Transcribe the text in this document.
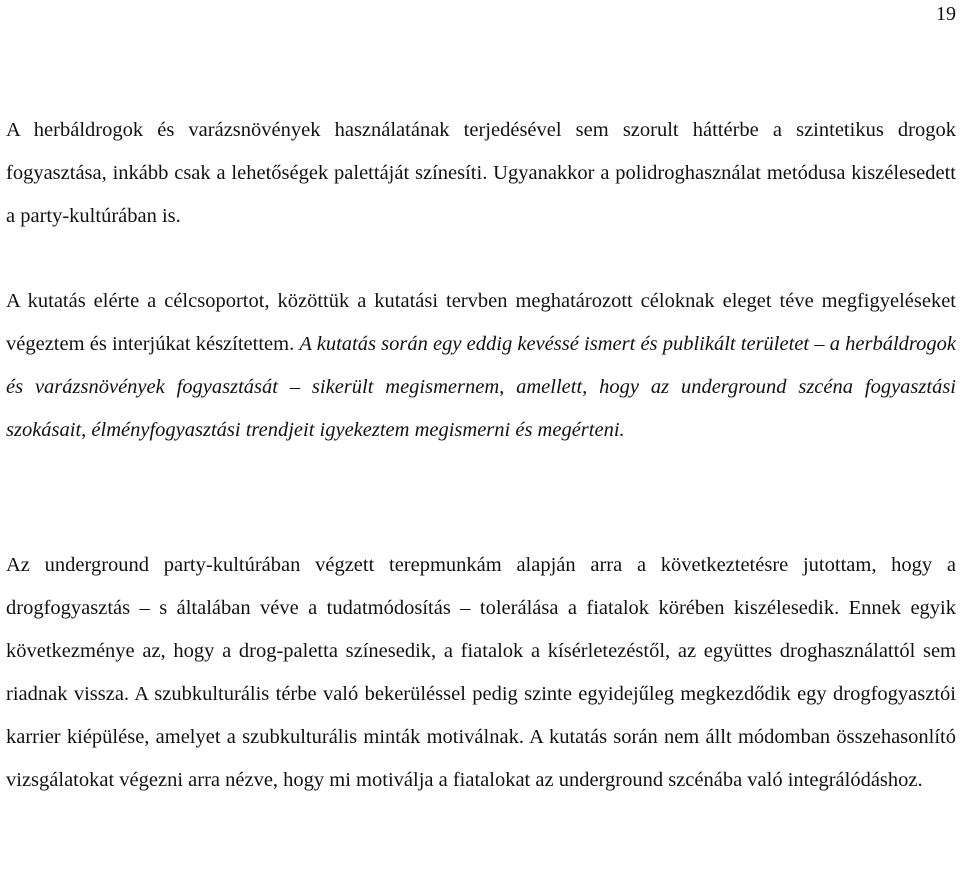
19

A herbáldrogok és varázsnövények használatának terjedésével sem szorult háttérbe a szintetikus drogok fogyasztása, inkább csak a lehetőségek palettáját színesíti. Ugyanakkor a polidroghasználat metódusa kiszélesedett a party-kultúrában is.

A kutatás elérte a célcsoportot, közöttük a kutatási tervben meghatározott céloknak eleget téve megfigyeléseket végeztem és interjúkat készítettem. A kutatás során egy eddig kevéssé ismert és publikált területet – a herbáldrogok és varázsnövények fogyasztását – sikerült megismernem, amellett, hogy az underground szcéna fogyasztási szokásait, élményfogyasztási trendjeit igyekeztem megismerni és megérteni.

Az underground party-kultúrában végzett terepmunkám alapján arra a következtetésre jutottam, hogy a drogfogyasztás – s általában véve a tudatmódosítás – tolerálása a fiatalok körében kiszélesedik. Ennek egyik következménye az, hogy a drog-paletta színesedik, a fiatalok a kísérletezéstől, az együttes droghasználattól sem riadnak vissza. A szubkulturális térbe való bekerüléssel pedig szinte egyidejűleg megkezdődik egy drogfogyasztói karrier kiépülése, amelyet a szubkulturális minták motiválnak. A kutatás során nem állt módomban összehasonlító vizsgálatokat végezni arra nézve, hogy mi motiválja a fiatalokat az underground szcénába való integrálódáshoz.
